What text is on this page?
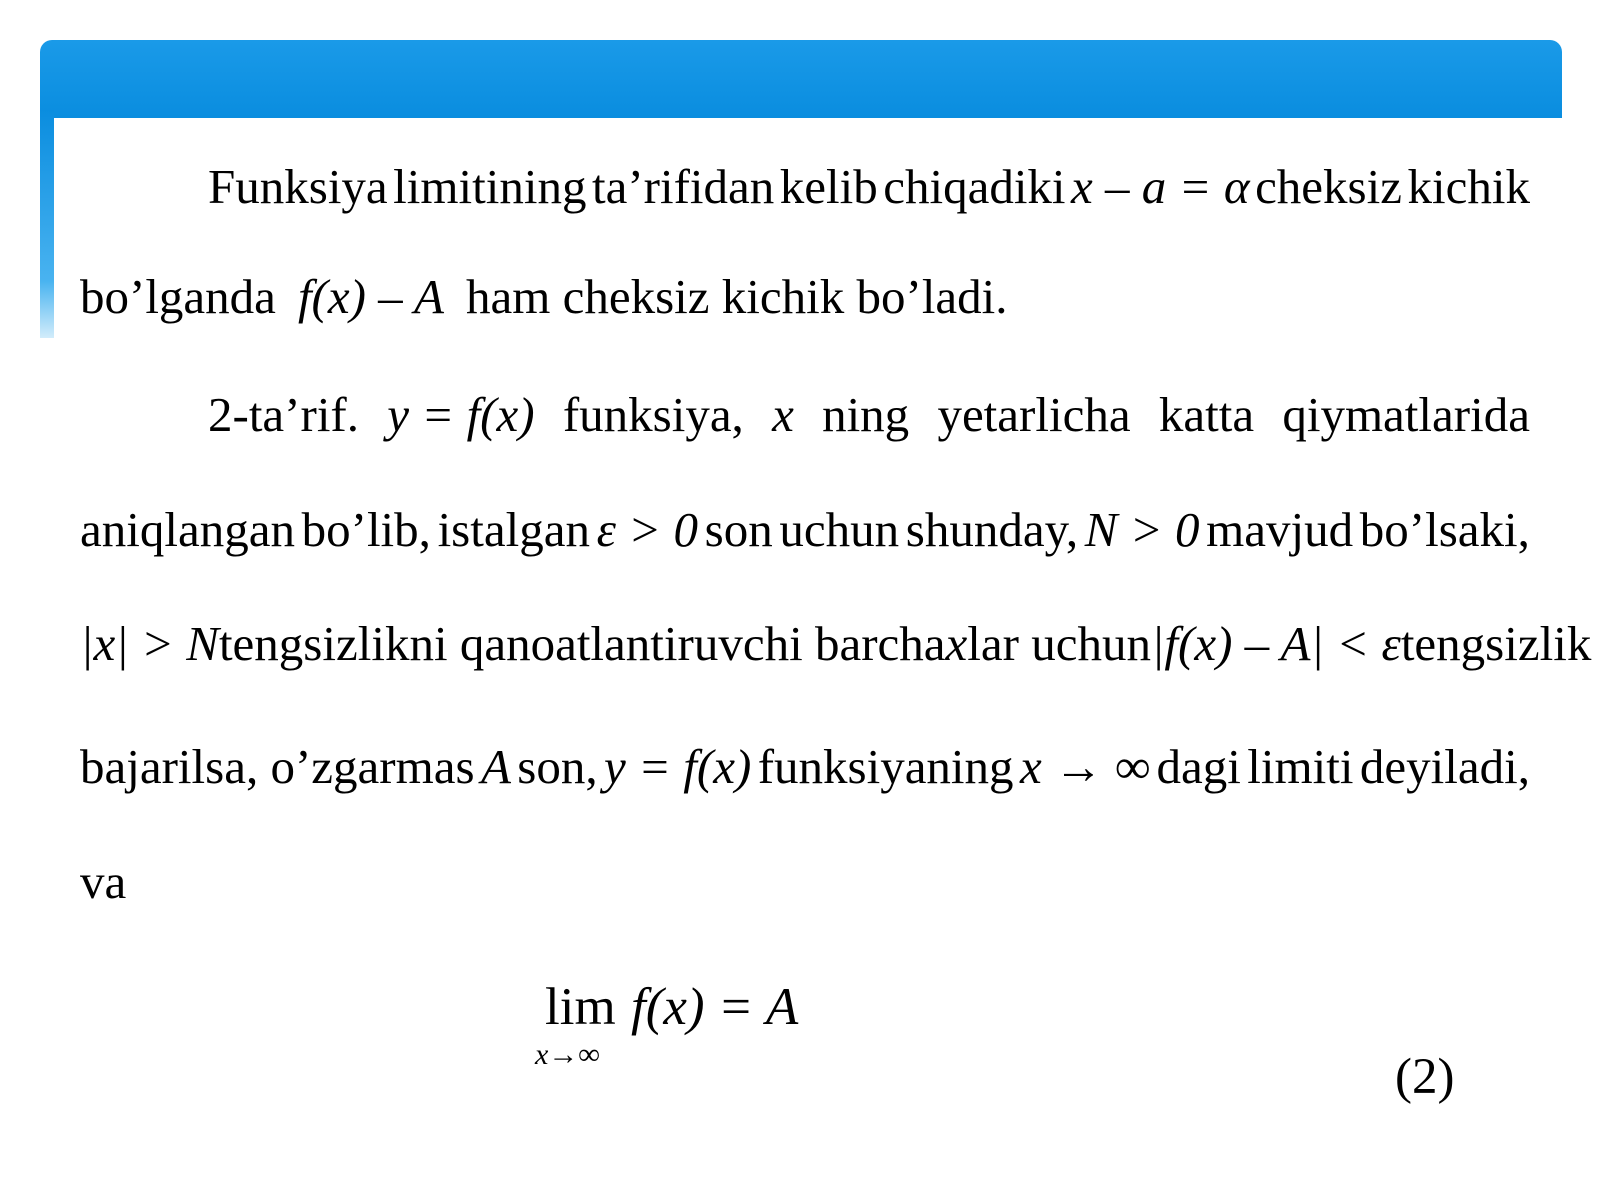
Funksiya limitining ta’rifidan kelib chiqadiki x – a = α cheksiz kichik
bo’lganda f(x) – A ham cheksiz kichik bo’ladi.
2-ta’rif. y = f(x) funksiya, x ning yetarlicha katta qiymatlarida
aniqlangan bo’lib, istalgan ε > 0 son uchun shunday, N > 0 mavjud bo’lsaki,
|x| > N tengsizlikni qanoatlantiruvchi barcha x lar uchun |f(x) – A| < ε tengsizlik
bajarilsa, o’zgarmas A son, y = f(x) funksiyaning x → ∞ dagi limiti deyiladi,
va
lim
x→∞
f(x) = A
(2)
